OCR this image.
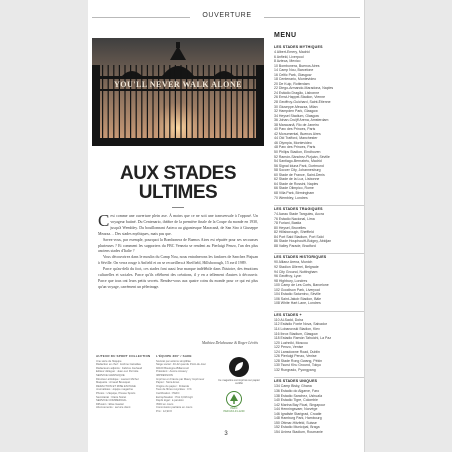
OUVERTURE
YOU'LL NEVER WALK ALONE
AUX STADES
ULTIMES

Cest comme une ouverture plein axe. À moins que ce ne soit une transversale à l'opposé. Un voyageur butiné. Du Centenario, théâtre de la première finale de la Coupe du monde en 1930, jusqu'à Wembley. Du bouillonnant Azteca au gigantesque Maracanã, de San Siro à Giuseppe Meazza… Des stades mythiques, mais pas que.

Savez-vous, par exemple, pourquoi la Bombonera de Buenos Aires est réputée pour ses secousses plurieuses ? Et comment les supporters du FBC Venezia se rendent au Pierluigi Penzo, l'un des plus anciens stades d'Italie ?

Vous découvrirez dans le moulin du Camp Nou, nous entraînerons les fanfares de Sanchez Pizjuan à Séville. On verra rouge à Anfield et on se recueillera à Sheffield, Hillsborough, 15 avril 1989.

Parce qu'au-delà du foot, ces stades font aussi leur marque indélébile dans l'histoire, des émotions culturelles et sociales. Parce qu'ils célèbrent des créations, il y en a tellement d'autres à découvrir. Parce que tous ont leurs petits secrets. Rendez-vous aux quatre coins du monde pour ce qui est plus qu'un voyage, carrément un pèlerinage.

Mathieu Delahousse & Roger Lévêts
AUTEUR DU SPORT COLLECTION
Une série de l'Équipe
Rédaction en chef : Jérôme Cazadieu
Rédacteurs adjoints : Fabrice Jouhaud
Éditeur délégué : Jean-Luc Perrotte
SERVICE GRAPHIQUE
Directeur artistique : Laurent Michel
Maquette : Arnaud Bousquet
RÉDACTION ET MISE EN PAGE
Journalistes : équipe magazine
Photos : L'Équipe, Presse Sports
Secrétariat : Claire Noiret
SERVICE COMMERCIAL
Diffusion : Elise Gautier
Abonnements : service client
L'ÉQUIPE 360° / SADE
Société par actions simplifiée
Siège social : 40-42 quai du Point-du-Jour
92100 Boulogne-Billancourt
Président : Aurore Amaury
IMPRESSION
Imprimé en France par Maury Imprimeur
Papier : Stora Enso
Origine du papier : Finlande
Taux de fibres recyclées : 0 %
Certification : PEFC
Eutrophisation : Ptot 0,016 kg/t
Dépôt légal : à parution
ISSN en cours
Commission paritaire en cours
Prix : 12,90 €
Ce magazine est imprimé sur papier certifié
PEFC
PEFC/10-31-1240
3
MENU
LES STADES MYTHIQUES
4 Albert-Emery, Madrid
6 Anfield, Liverpool
8 Azteca, Mexico
10 Bombonera, Buenos Aires
14 Camp Nou, Barcelone
16 Celtic Park, Glasgow
18 Centenario, Montevideo
20 De Kuip, Rotterdam
22 Diego-Armando-Maradona, Naples
24 Estádio Dragão, Lisbonne
26 Ernst-Happel-Stadion, Vienne
28 Geoffroy-Guichard, Saint-Étienne
30 Giuseppe-Meazza, Milan
32 Hampden Park, Glasgow
34 Heysel Stadium, Glasgow
36 Johan-Cruijff Arena, Amsterdam
38 Maracanã, Rio de Janeiro
40 Parc des Princes, Paris
42 Monumental, Buenos Aires
44 Old Trafford, Manchester
46 Olympia, Montevideo
48 Parc des Princes, Paris
50 Philips Stadion, Eindhoven
52 Ramón-Sánchez-Pizjuán, Séville
54 Santiago-Bernabéu, Madrid
56 Signal Iduna Park, Dortmund
58 Soccer City, Johannesburg
60 Stade de France, Saint-Denis
62 Stade de la Luz, Lisbonne
64 Stade de Rossini, Naples
66 Stade Olimpico, Rome
68 Villa Park, Birmingham
70 Wembley, Londres
LES STADES TRAGIQUES
74 Aarau Stade Tanguieu, Accra
76 Estadio Nacional, Lima
78 Furiani, Bastia
80 Heysel, Bruxelles
82 Hillsborough, Sheffield
84 Port Said Stadium, Port Saïd
86 Stade Houphouët-Boigny, Abidjan
88 Valley Parade, Bradford
LES STADES HISTORIQUES
90 Allianz Arena, Munich
92 Stadion Üllerrei, Belgrade
94 City Ground, Nottingham
96 Geoffroy, Lyon
98 Highbury, Londres
100 Camp de Les Corts, Barcelone
102 Goodison Park, Liverpool
104 Estadio Saturnino, Séville
106 Saint-Jakob Stadion, Bâle
108 White Hart Lane, Londres
LES STADES +
110 Al-Sadd, Doha
112 Estádio Fonte Nova, Salvador
114 Lobanovski Stadion, Kiev
116 Ibrox Stadium, Glasgow
118 Estadio Ramón Tahuichi, La Paz
120 Luzhniki, Moscou
122 Penzo, Venise
124 Lansdowne Road, Dublin
126 Pierluigi Penzo, Venise
128 Stade Rong Gwang, Pékin
130 Tsurui Khu Ground, Tokyo
132 Rungrado, Pyongyang
LES STADES UNIQUES
134 Camp Bisky, Ghana
136 Estadio do Algarve, Faro
138 Estadio Sanchez, Ushuaïa
140 Estadio Tigre, Colombie
142 Marina Bay Float, Singapour
144 Henningsvaer, Norvège
146 Igraliste Starigrad, Croatie
148 Hamburg Park, Hambourg
150 Ottmar-Hitzfeld, Suisse
152 Estadio Municipal, Braga
154 Unirea Stadium, Roumanie
